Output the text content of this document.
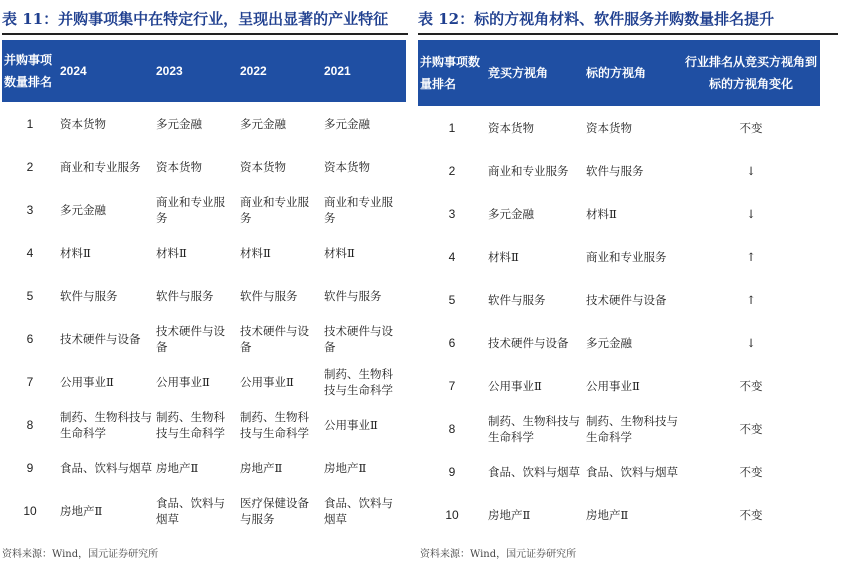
表 11：并购事项集中在特定行业，呈现出显著的产业特征 表 12：标的方视角材料、软件服务并购数量排名提升
并购事项数量排名	2024	2023	2022	2021
1	资本货物	多元金融	多元金融	多元金融
2	商业和专业服务	资本货物	资本货物	资本货物
3	多元金融	商业和专业服务	商业和专业服务	商业和专业服务
4	材料Ⅱ	材料Ⅱ	材料Ⅱ	材料Ⅱ
5	软件与服务	软件与服务	软件与服务	软件与服务
6	技术硬件与设备	技术硬件与设备	技术硬件与设备	技术硬件与设备
7	公用事业Ⅱ	公用事业Ⅱ	公用事业Ⅱ	制药、生物科技与生命科学
8	制药、生物科技与生命科学	制药、生物科技与生命科学	制药、生物科技与生命科学	公用事业Ⅱ
9	食品、饮料与烟草	房地产Ⅱ	房地产Ⅱ	房地产Ⅱ
10	房地产Ⅱ	食品、饮料与烟草	医疗保健设备与服务	食品、饮料与烟草
并购事项数量排名	竞买方视角	标的方视角	行业排名从竞买方视角到标的方视角变化
1	资本货物	资本货物	不变
2	商业和专业服务	软件与服务	↓
3	多元金融	材料Ⅱ	↓
4	材料Ⅱ	商业和专业服务	↑
5	软件与服务	技术硬件与设备	↑
6	技术硬件与设备	多元金融	↓
7	公用事业Ⅱ	公用事业Ⅱ	不变
8	制药、生物科技与生命科学	制药、生物科技与生命科学	不变
9	食品、饮料与烟草	食品、饮料与烟草	不变
10	房地产Ⅱ	房地产Ⅱ	不变
资料来源：Wind，国元证券研究所	资料来源：Wind，国元证券研究所
